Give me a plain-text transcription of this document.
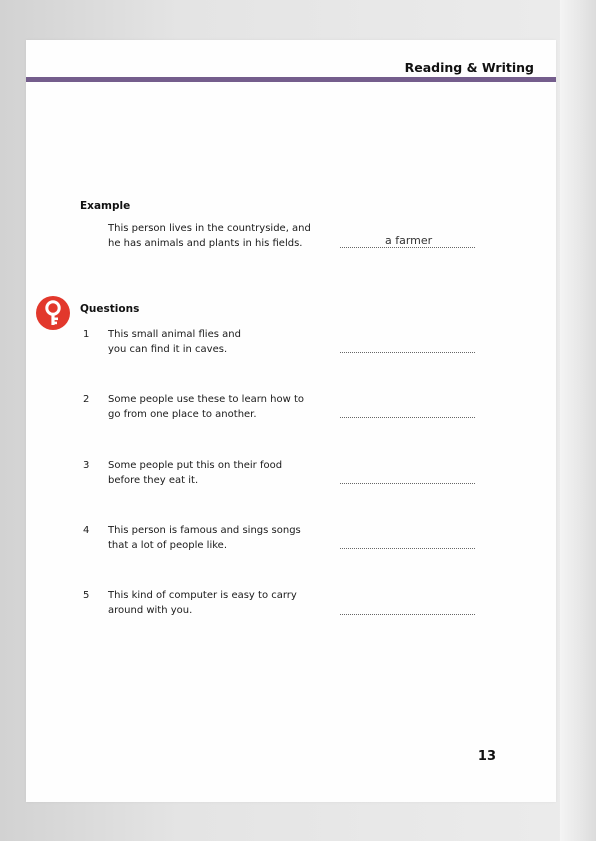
Reading & Writing
Example
This person lives in the countryside, and
he has animals and plants in his fields.	a farmer
Questions
1 This small animal flies and
you can find it in caves.
2 Some people use these to learn how to
go from one place to another.
3 Some people put this on their food
before they eat it.
4 This person is famous and sings songs
that a lot of people like.
5 This kind of computer is easy to carry
around with you.
13
